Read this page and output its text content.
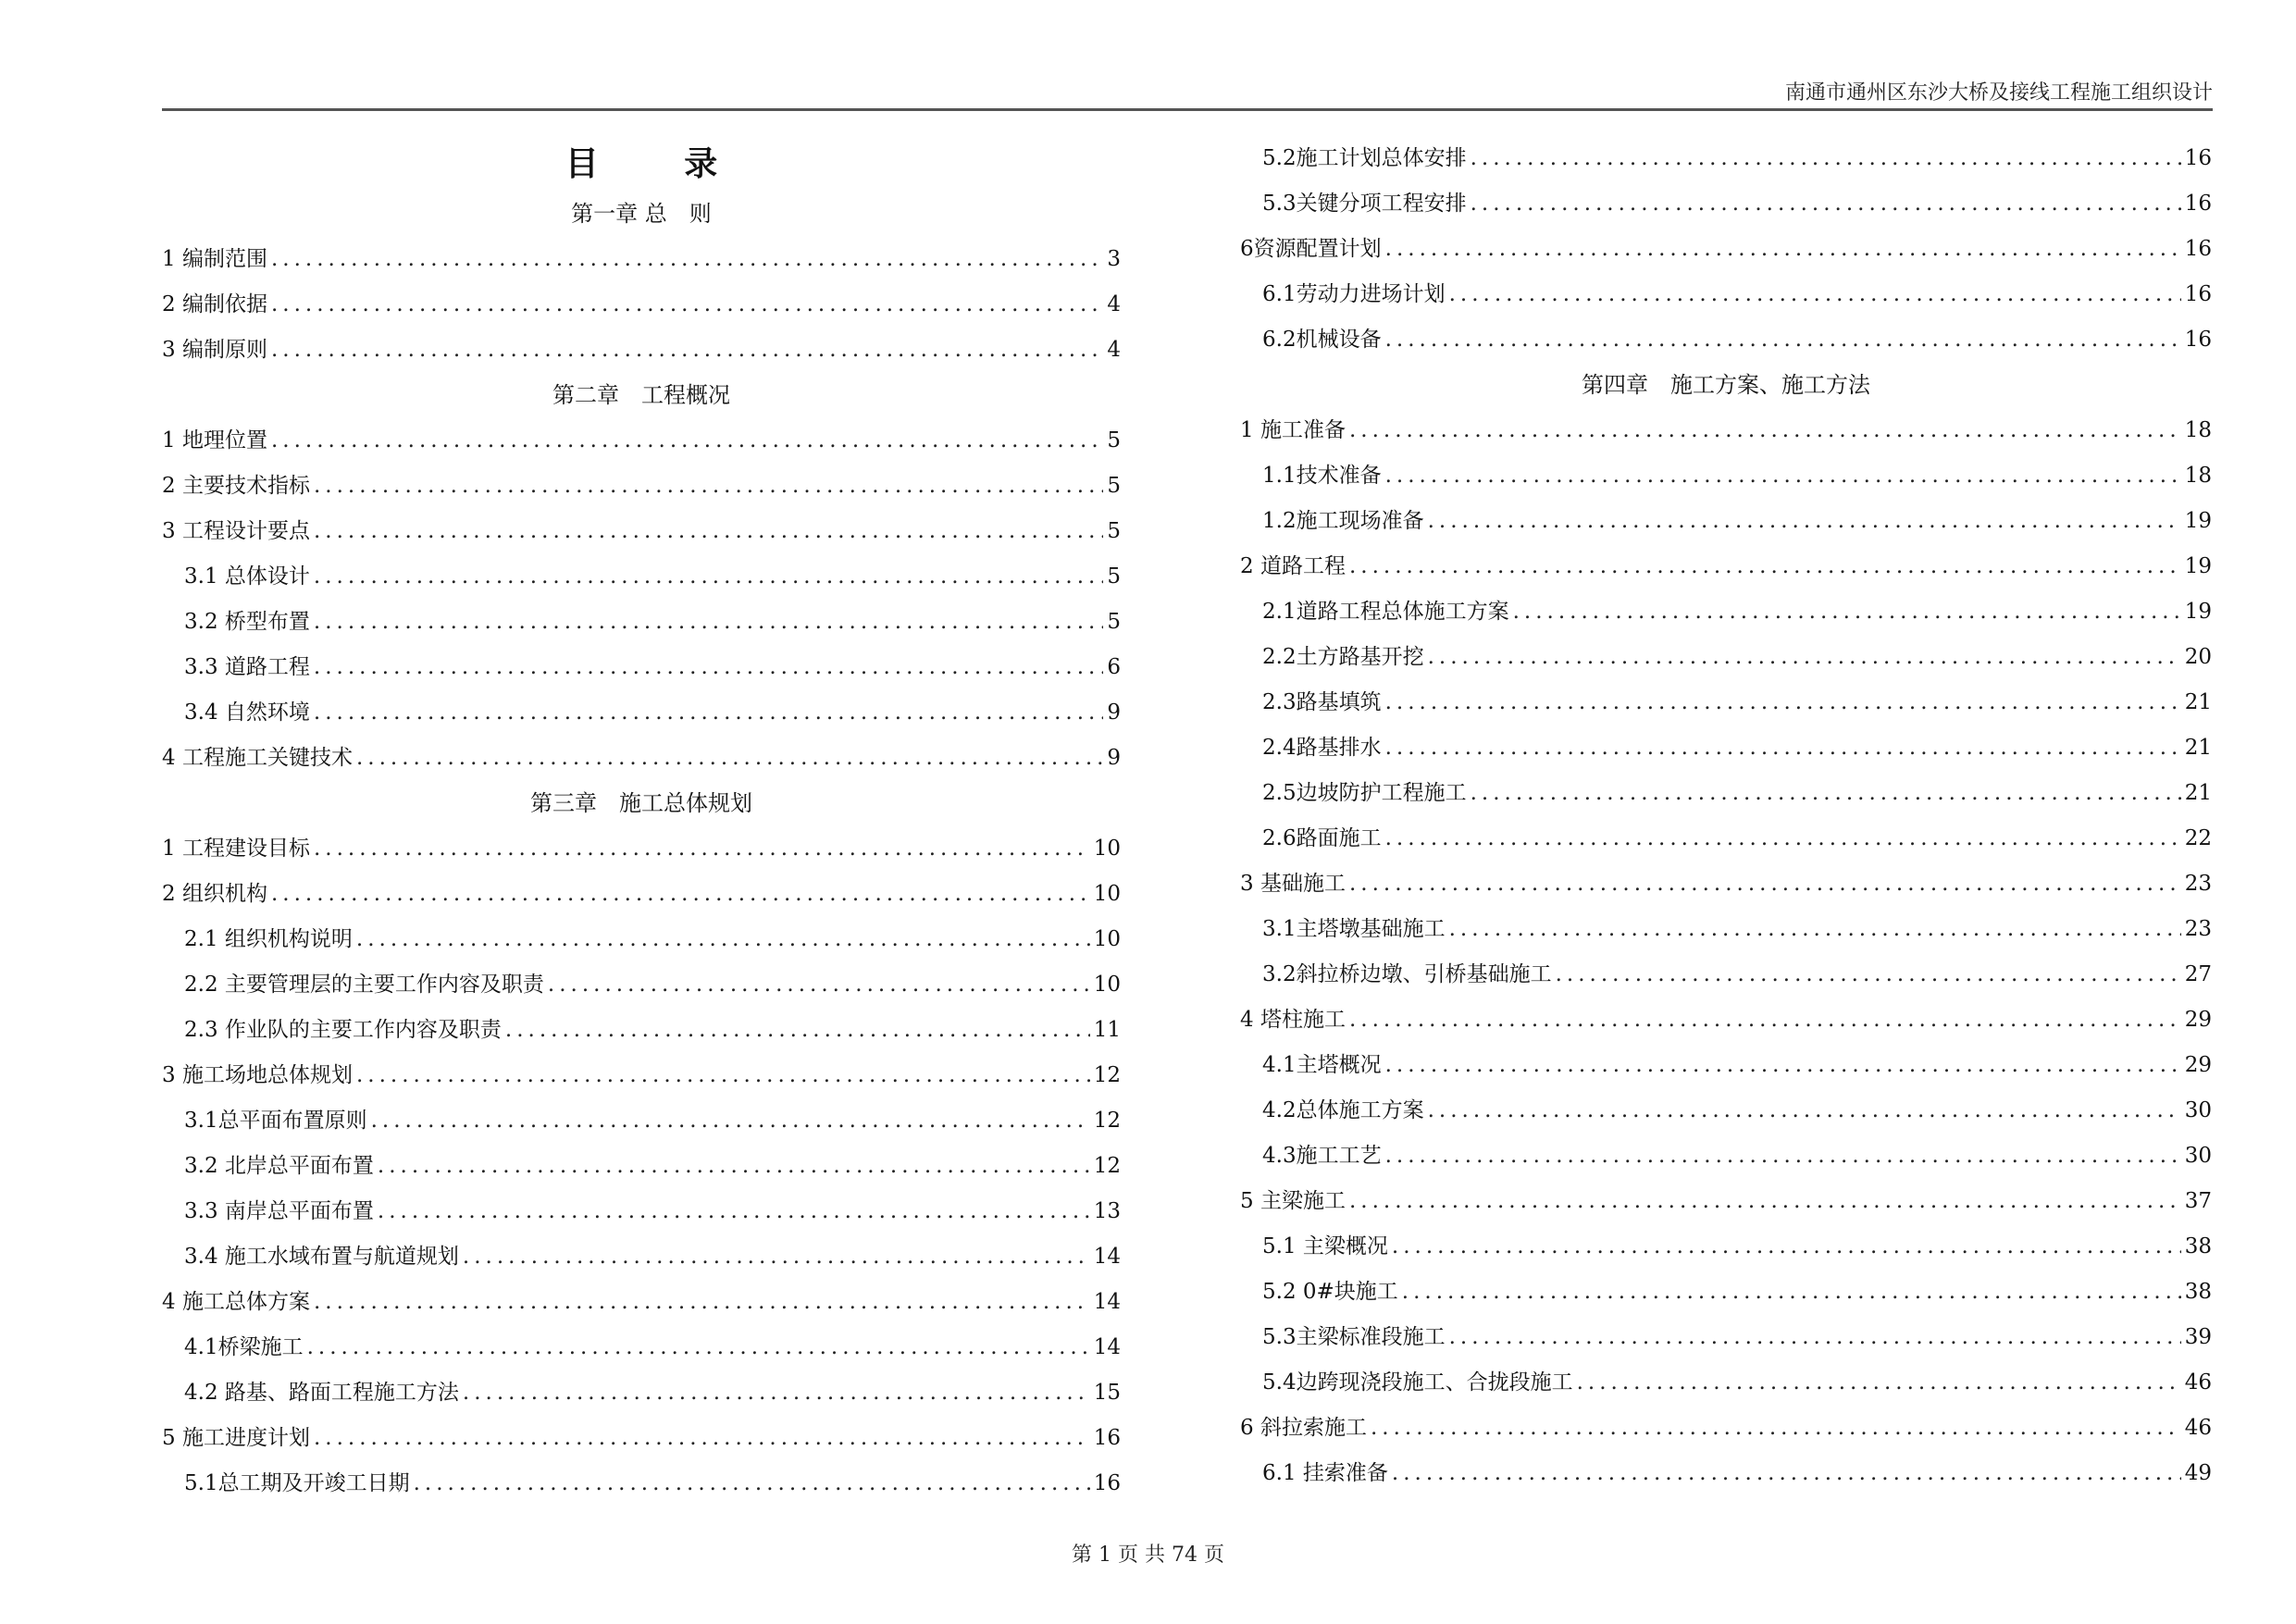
南通市通州区东沙大桥及接线工程施工组织设计
目 录
第一章 总　则
1 编制范围 .....	3
2 编制依据 .....	4
3 编制原则 .....	4
第二章　工程概况
1 地理位置 .....	5
2 主要技术指标 .....	5
3 工程设计要点 .....	5
3.1 总体设计 .....	5
3.2 桥型布置 .....	5
3.3 道路工程 .....	6
3.4 自然环境 .....	9
4 工程施工关键技术 .....	9
第三章　施工总体规划
1 工程建设目标 .....	10
2 组织机构 .....	10
2.1 组织机构说明 .....	10
2.2 主要管理层的主要工作内容及职责 .....	10
2.3 作业队的主要工作内容及职责 .....	11
3 施工场地总体规划 .....	12
3.1总平面布置原则 .....	12
3.2 北岸总平面布置 .....	12
3.3 南岸总平面布置 .....	13
3.4 施工水域布置与航道规划 .....	14
4 施工总体方案 .....	14
4.1桥梁施工 .....	14
4.2 路基、路面工程施工方法 .....	15
5 施工进度计划 .....	16
5.1总工期及开竣工日期 .....	16
5.2施工计划总体安排 .....	16
5.3关键分项工程安排 .....	16
6资源配置计划 .....	16
6.1劳动力进场计划 .....	16
6.2机械设备 .....	16
第四章　施工方案、施工方法
1 施工准备 .....	18
1.1技术准备 .....	18
1.2施工现场准备 .....	19
2 道路工程 .....	19
2.1道路工程总体施工方案 .....	19
2.2土方路基开挖 .....	20
2.3路基填筑 .....	21
2.4路基排水 .....	21
2.5边坡防护工程施工 .....	21
2.6路面施工 .....	22
3 基础施工 .....	23
3.1主塔墩基础施工 .....	23
3.2斜拉桥边墩、引桥基础施工 .....	27
4 塔柱施工 .....	29
4.1主塔概况 .....	29
4.2总体施工方案 .....	30
4.3施工工艺 .....	30
5 主梁施工 .....	37
5.1 主梁概况 .....	38
5.2 0#块施工 .....	38
5.3主梁标准段施工 .....	39
5.4边跨现浇段施工、合拢段施工 .....	46
6 斜拉索施工 .....	46
6.1 挂索准备 .....	49
第 1 页 共 74 页
